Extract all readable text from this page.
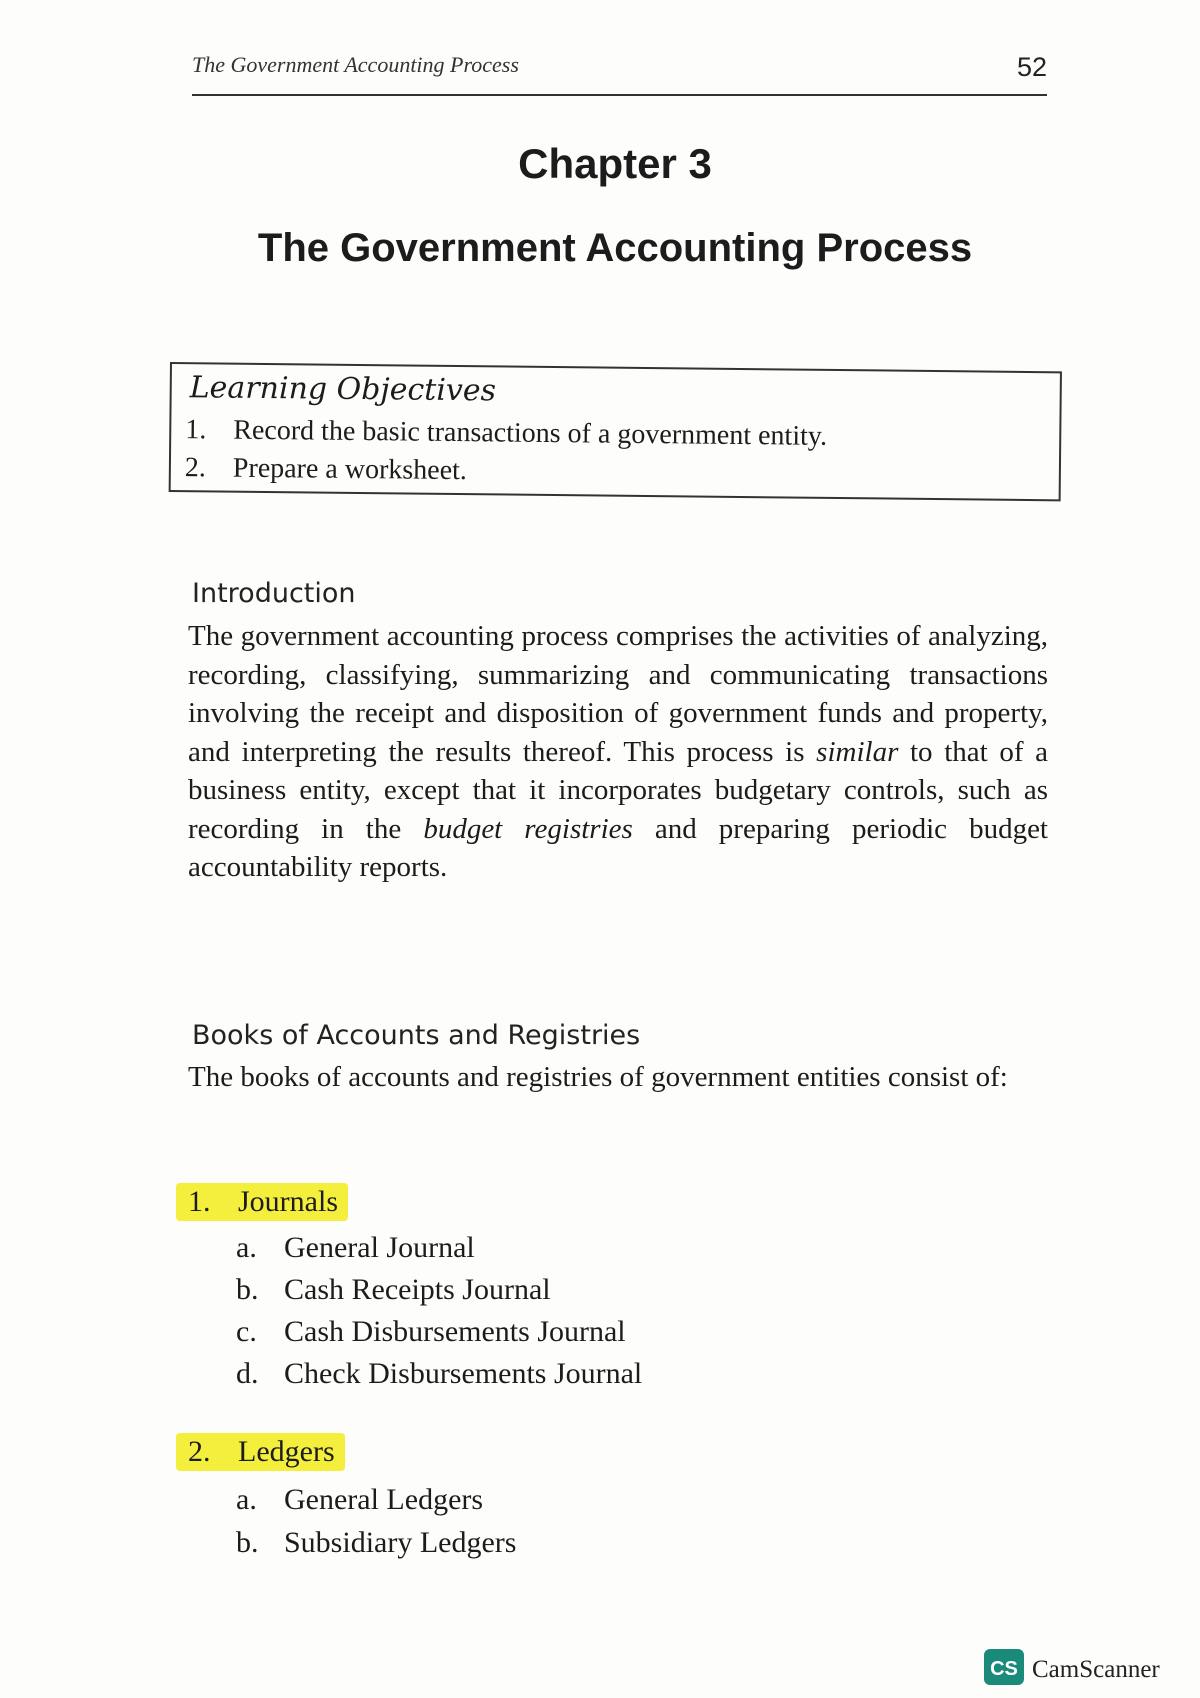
The Government Accounting Process	52
Chapter 3
The Government Accounting Process
Learning Objectives
1. Record the basic transactions of a government entity.
2. Prepare a worksheet.
Introduction
The government accounting process comprises the activities of analyzing, recording, classifying, summarizing and communicating transactions involving the receipt and disposition of government funds and property, and interpreting the results thereof. This process is similar to that of a business entity, except that it incorporates budgetary controls, such as recording in the budget registries and preparing periodic budget accountability reports.
Books of Accounts and Registries
The books of accounts and registries of government entities consist of:
1. Journals
a. General Journal
b. Cash Receipts Journal
c. Cash Disbursements Journal
d. Check Disbursements Journal
2. Ledgers
a. General Ledgers
b. Subsidiary Ledgers
CS CamScanner
